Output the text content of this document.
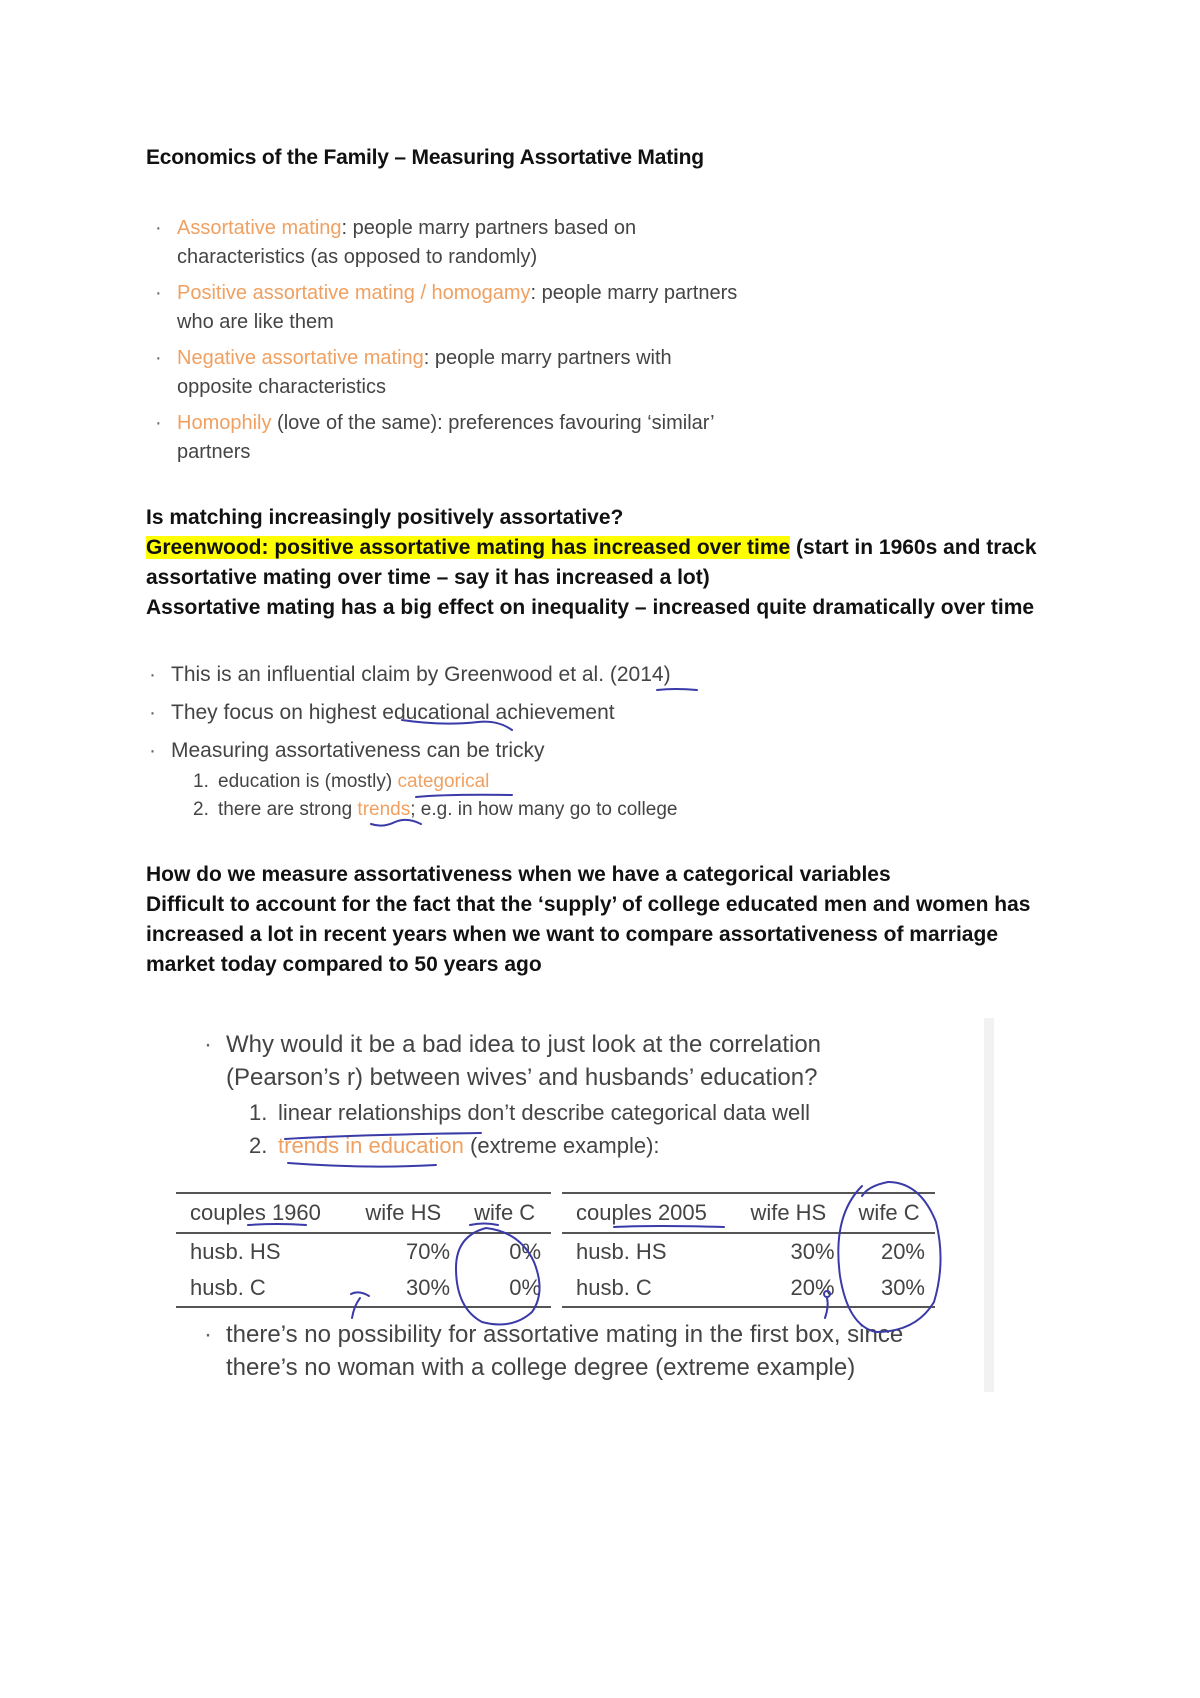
Economics of the Family – Measuring Assortative Mating
· Assortative mating: people marry partners based on
characteristics (as opposed to randomly)
· Positive assortative mating / homogamy: people marry partners
who are like them
· Negative assortative mating: people marry partners with
opposite characteristics
· Homophily (love of the same): preferences favouring ‘similar’
partners
Is matching increasingly positively assortative?
Greenwood: positive assortative mating has increased over time (start in 1960s and track
assortative mating over time – say it has increased a lot)
Assortative mating has a big effect on inequality – increased quite dramatically over time
· This is an influential claim by Greenwood et al. (2014)
· They focus on highest educational achievement
· Measuring assortativeness can be tricky
1. education is (mostly) categorical
2. there are strong trends; e.g. in how many go to college
How do we measure assortativeness when we have a categorical variables
Difficult to account for the fact that the ‘supply’ of college educated men and women has
increased a lot in recent years when we want to compare assortativeness of marriage
market today compared to 50 years ago
· Why would it be a bad idea to just look at the correlation
(Pearson’s r) between wives’ and husbands’ education?
1. linear relationships don’t describe categorical data well
2. trends in education (extreme example):
couples 1960	wife HS	wife C
husb. HS	70%	0%
husb. C	30%	0%
couples 2005	wife HS	wife C
husb. HS	30%	20%
husb. C	20%	30%
· there’s no possibility for assortative mating in the first box, since
there’s no woman with a college degree (extreme example)
